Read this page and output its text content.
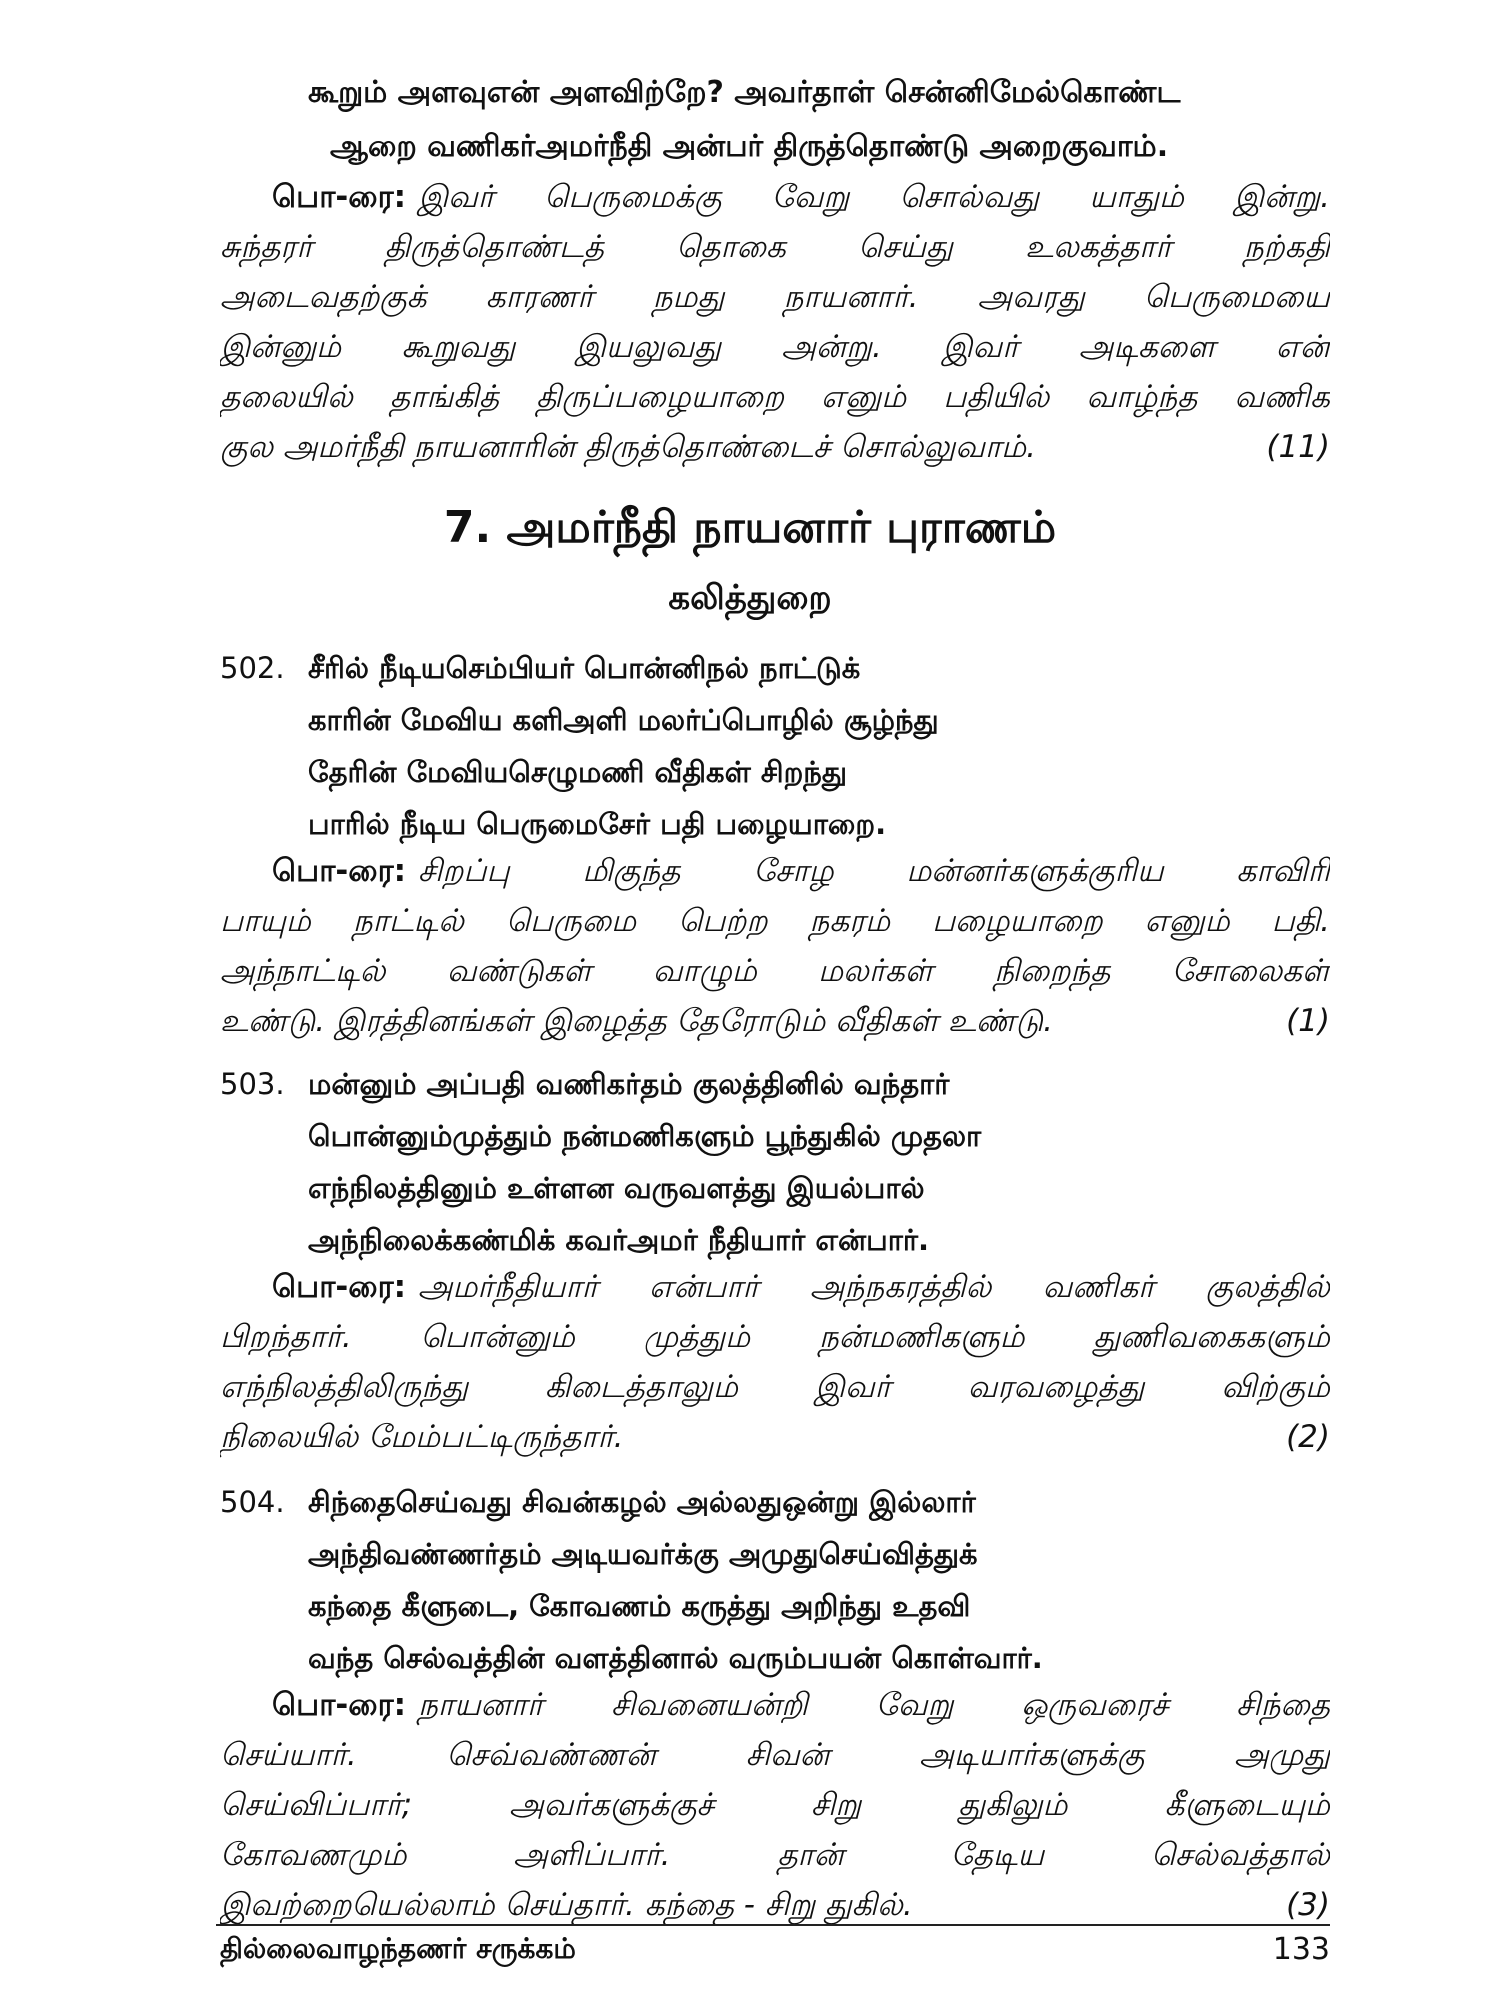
கூறும் அளவுஎன் அளவிற்றே? அவர்தாள் சென்னிமேல்கொண்ட
ஆறை வணிகர்அமர்நீதி அன்பர் திருத்தொண்டு அறைகுவாம்.
பொ-ரை: இவர் பெருமைக்கு வேறு சொல்வது யாதும் இன்று.
சுந்தரர் திருத்தொண்டத் தொகை செய்து உலகத்தார் நற்கதி
அடைவதற்குக் காரணர் நமது நாயனார். அவரது பெருமையை
இன்னும் கூறுவது இயலுவது அன்று. இவர் அடிகளை என்
தலையில் தாங்கித் திருப்பழையாறை எனும் பதியில் வாழ்ந்த வணிக
குல அமர்நீதி நாயனாரின் திருத்தொண்டைச் சொல்லுவாம்.	(11)
7. அமர்நீதி நாயனார் புராணம்
கலித்துறை
502. சீரில் நீடியசெம்பியர் பொன்னிநல் நாட்டுக்
காரின் மேவிய களிஅளி மலர்ப்பொழில் சூழ்ந்து
தேரின் மேவியசெழுமணி வீதிகள் சிறந்து
பாரில் நீடிய பெருமைசேர் பதி பழையாறை.
பொ-ரை: சிறப்பு மிகுந்த சோழ மன்னர்களுக்குரிய காவிரி
பாயும் நாட்டில் பெருமை பெற்ற நகரம் பழையாறை எனும் பதி.
அந்நாட்டில் வண்டுகள் வாழும் மலர்கள் நிறைந்த சோலைகள்
உண்டு. இரத்தினங்கள் இழைத்த தேரோடும் வீதிகள் உண்டு.	(1)
503. மன்னும் அப்பதி வணிகர்தம் குலத்தினில் வந்தார்
பொன்னும்முத்தும் நன்மணிகளும் பூந்துகில் முதலா
எந்நிலத்தினும் உள்ளன வருவளத்து இயல்பால்
அந்நிலைக்கண்மிக் கவர்அமர் நீதியார் என்பார்.
பொ-ரை: அமர்நீதியார் என்பார் அந்நகரத்தில் வணிகர் குலத்தில்
பிறந்தார். பொன்னும் முத்தும் நன்மணிகளும் துணிவகைகளும்
எந்நிலத்திலிருந்து கிடைத்தாலும் இவர் வரவழைத்து விற்கும்
நிலையில் மேம்பட்டிருந்தார்.	(2)
504. சிந்தைசெய்வது சிவன்கழல் அல்லதுஒன்று இல்லார்
அந்திவண்ணர்தம் அடியவர்க்கு அமுதுசெய்வித்துக்
கந்தை கீளுடை, கோவணம் கருத்து அறிந்து உதவி
வந்த செல்வத்தின் வளத்தினால் வரும்பயன் கொள்வார்.
பொ-ரை: நாயனார் சிவனையன்றி வேறு ஒருவரைச் சிந்தை
செய்யார். செவ்வண்ணன் சிவன் அடியார்களுக்கு அமுது
செய்விப்பார்; அவர்களுக்குச் சிறு துகிலும் கீளுடையும்
கோவணமும் அளிப்பார். தான் தேடிய செல்வத்தால்
இவற்றையெல்லாம் செய்தார். கந்தை - சிறு துகில்.	(3)
தில்லைவாழந்தணர் சருக்கம்	133
